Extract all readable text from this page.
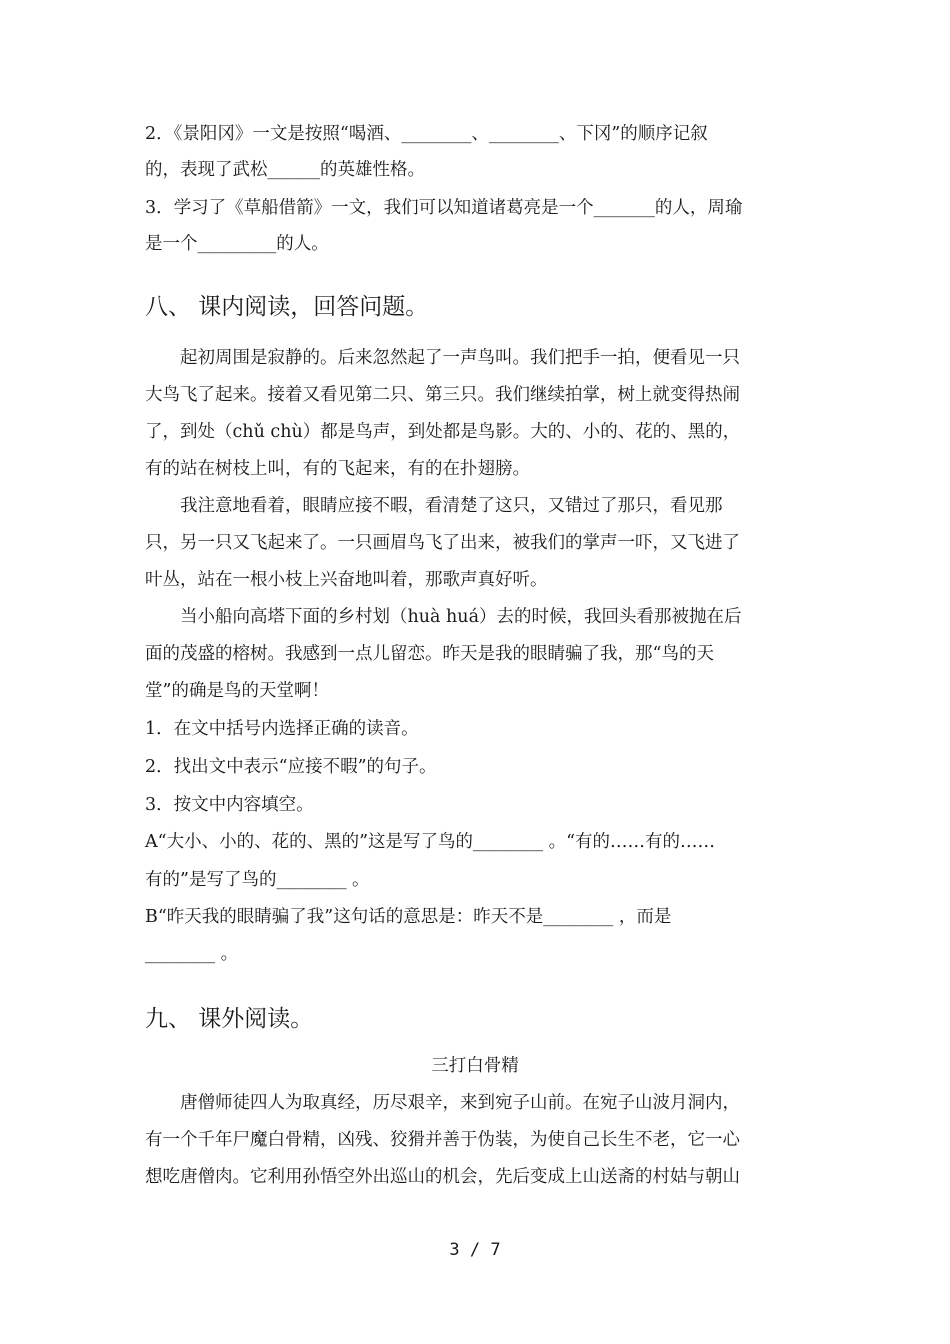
2．《景阳冈》一文是按照“喝酒、________、________、下冈”的顺序记叙
的，表现了武松______的英雄性格。
3．学习了《草船借箭》一文，我们可以知道诸葛亮是一个_______的人，周瑜
是一个_________的人。
八、 课内阅读，回答问题。
　　起初周围是寂静的。后来忽然起了一声鸟叫。我们把手一拍，便看见一只
大鸟飞了起来。接着又看见第二只、第三只。我们继续拍掌，树上就变得热闹
了，到处（chǔ chù）都是鸟声，到处都是鸟影。大的、小的、花的、黑的，
有的站在树枝上叫，有的飞起来，有的在扑翅膀。
　　我注意地看着，眼睛应接不暇，看清楚了这只，又错过了那只，看见那
只，另一只又飞起来了。一只画眉鸟飞了出来，被我们的掌声一吓，又飞进了
叶丛，站在一根小枝上兴奋地叫着，那歌声真好听。
　　当小船向高塔下面的乡村划（huà huá）去的时候，我回头看那被抛在后
面的茂盛的榕树。我感到一点儿留恋。昨天是我的眼睛骗了我，那“鸟的天
堂”的确是鸟的天堂啊！
1．在文中括号内选择正确的读音。
2．找出文中表示“应接不暇”的句子。
3．按文中内容填空。
A“大小、小的、花的、黑的”这是写了鸟的________ 。“有的……有的……
有的”是写了鸟的________ 。
B“昨天我的眼睛骗了我”这句话的意思是：昨天不是________ ，而是
________ 。
九、 课外阅读。
三打白骨精
　　唐僧师徒四人为取真经，历尽艰辛，来到宛子山前。在宛子山波月洞内，
有一个千年尸魔白骨精，凶残、狡猾并善于伪装，为使自己长生不老，它一心
想吃唐僧肉。它利用孙悟空外出巡山的机会，先后变成上山送斋的村姑与朝山
3 / 7
